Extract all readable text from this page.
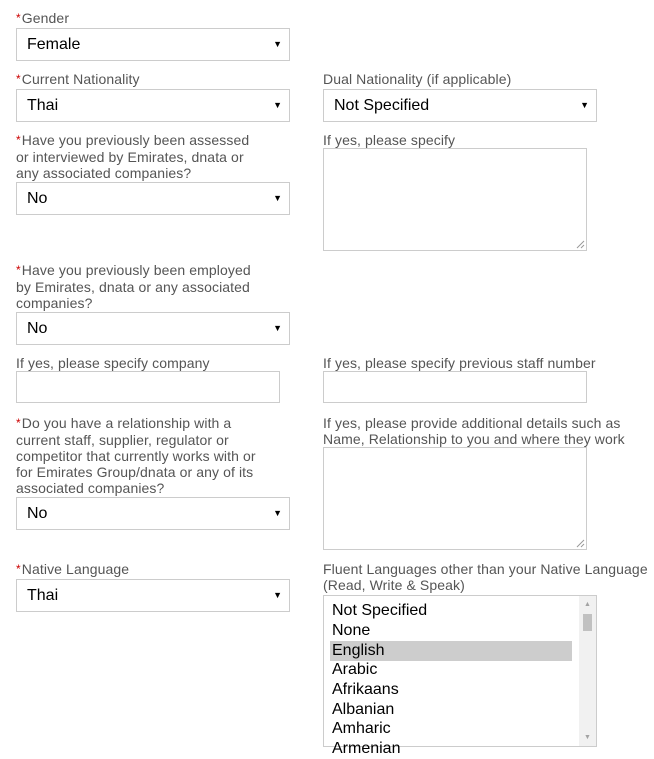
*Gender
Female	▼
*Current Nationality
Thai	▼
Dual Nationality (if applicable)
Not Specified	▼
*Have you previously been assessed
or interviewed by Emirates, dnata or
any associated companies?
No	▼
If yes, please specify
*Have you previously been employed
by Emirates, dnata or any associated
companies?
No	▼
If yes, please specify company	If yes, please specify previous staff number
*Do you have a relationship with a
current staff, supplier, regulator or
competitor that currently works with or
for Emirates Group/dnata or any of its
associated companies?
No	▼
If yes, please provide additional details such as
Name, Relationship to you and where they work
*Native Language
Thai	▼
Fluent Languages other than your Native Language
(Read, Write & Speak)
Not Specified
None
English
Arabic
Afrikaans
Albanian
Amharic
Armenian
▲
▼
